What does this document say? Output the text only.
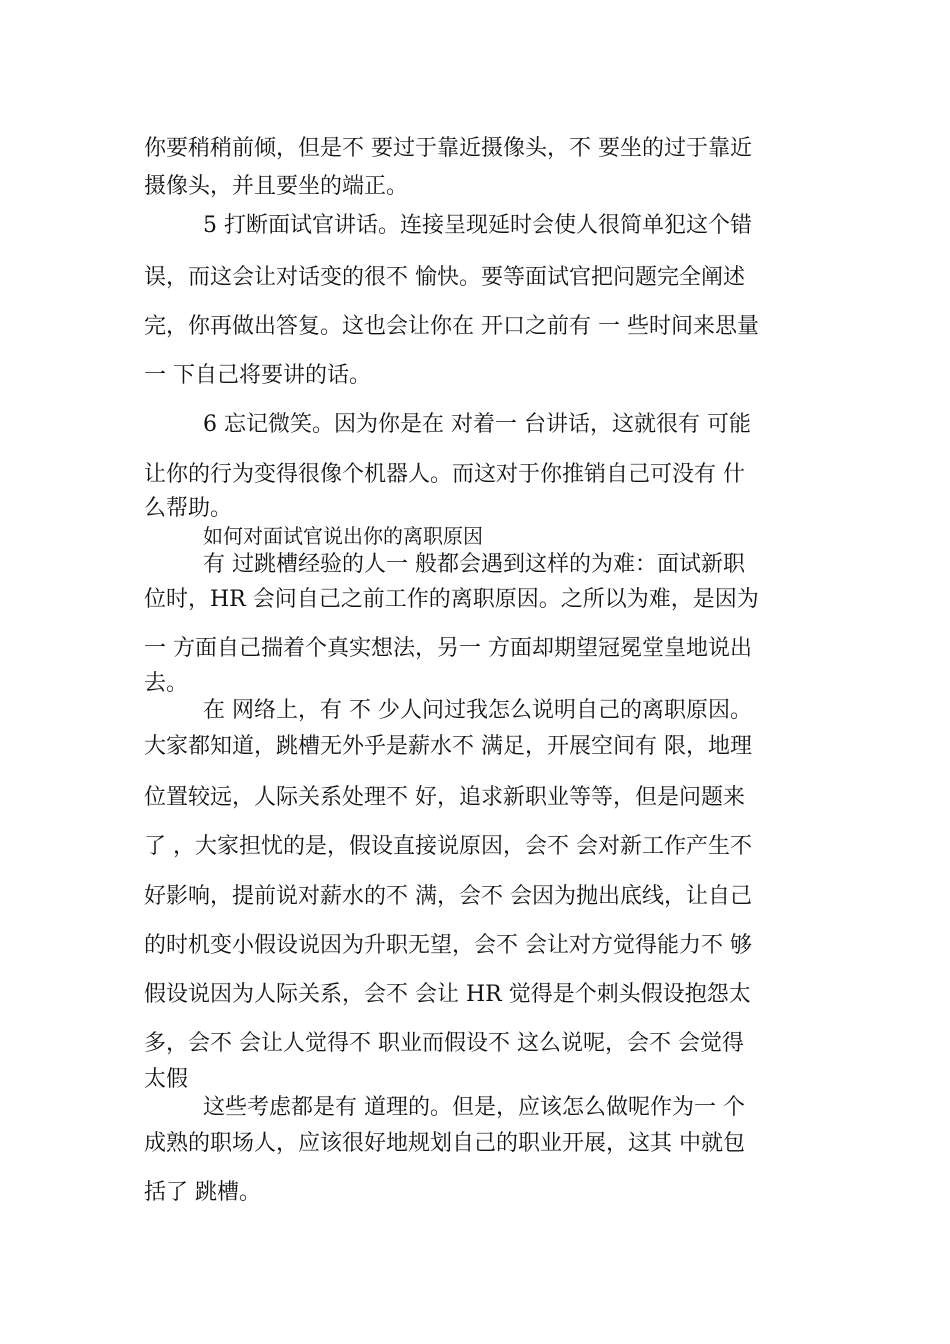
你要稍稍前倾，但是不 要过于靠近摄像头，不 要坐的过于靠近
摄像头，并且要坐的端正。
5 打断面试官讲话。连接呈现延时会使人很简单犯这个错
误，而这会让对话变的很不 愉快。要等面试官把问题完全阐述
完，你再做出答复。这也会让你在 开口之前有 一 些时间来思量
一 下自己将要讲的话。
6 忘记微笑。因为你是在 对着一 台讲话，这就很有 可能
让你的行为变得很像个机器人。而这对于你推销自己可没有 什
么帮助。
如何对面试官说出你的离职原因
有 过跳槽经验的人一 般都会遇到这样的为难：面试新职
位时，HR 会问自己之前工作的离职原因。之所以为难，是因为
一 方面自己揣着个真实想法，另一 方面却期望冠冕堂皇地说出
去。
在 网络上，有 不 少人问过我怎么说明自己的离职原因。
大家都知道，跳槽无外乎是薪水不 满足，开展空间有 限，地理
位置较远，人际关系处理不 好，追求新职业等等，但是问题来
了 ，大家担忧的是，假设直接说原因，会不 会对新工作产生不
好影响，提前说对薪水的不 满，会不 会因为抛出底线，让自己
的时机变小假设说因为升职无望，会不 会让对方觉得能力不 够
假设说因为人际关系，会不 会让 HR 觉得是个刺头假设抱怨太
多，会不 会让人觉得不 职业而假设不 这么说呢，会不 会觉得
太假
这些考虑都是有 道理的。但是，应该怎么做呢作为一 个
成熟的职场人，应该很好地规划自己的职业开展，这其 中就包
括了 跳槽。
